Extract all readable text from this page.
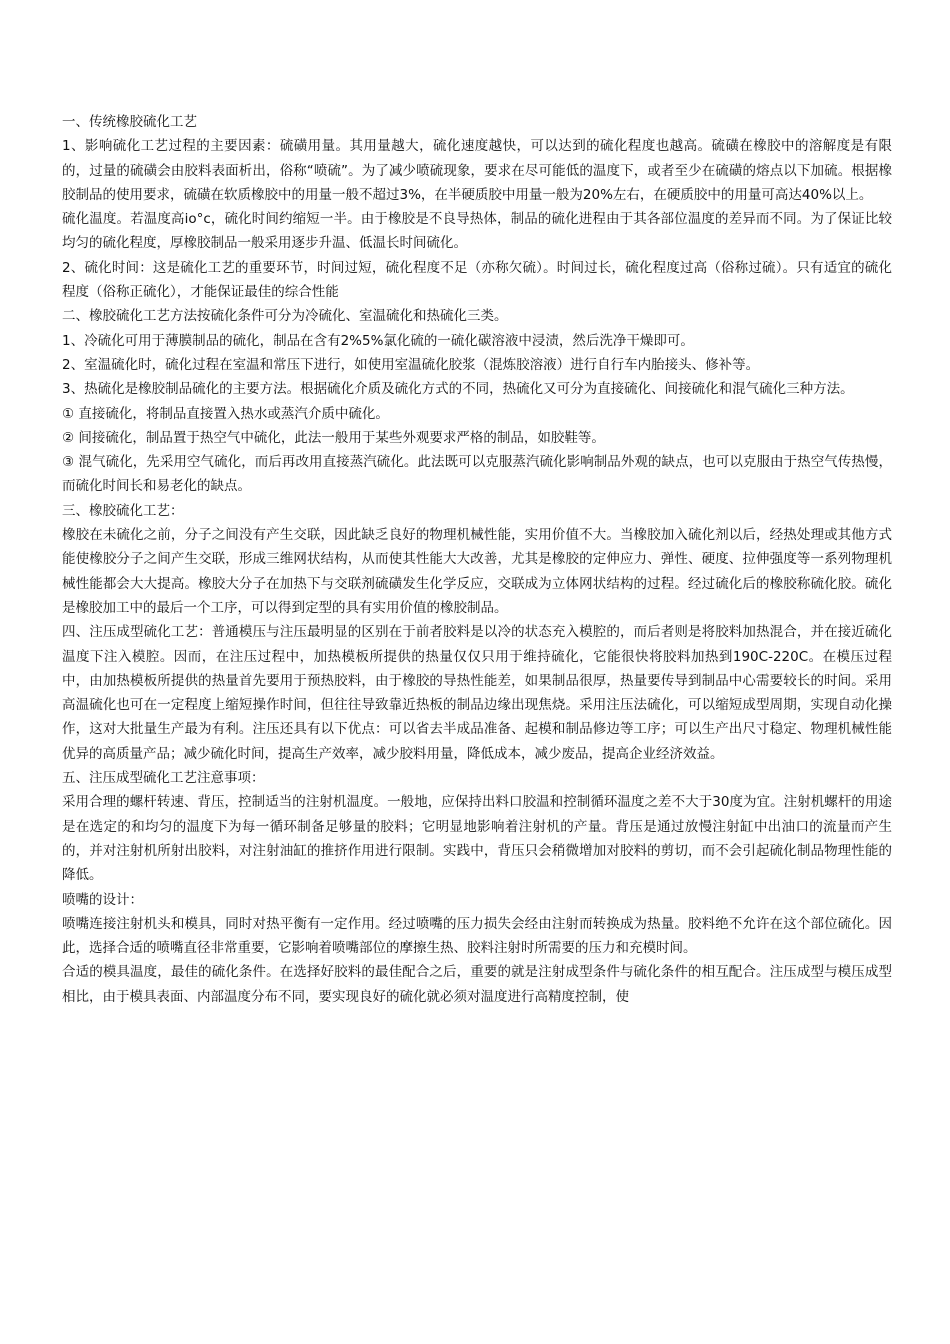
一、传统橡胶硫化工艺

1、影响硫化工艺过程的主要因素：硫磺用量。其用量越大，硫化速度越快，可以达到的硫化程度也越高。硫磺在橡胶中的溶解度是有限的，过量的硫磺会由胶料表面析出，俗称“喷硫”。为了减少喷硫现象，要求在尽可能低的温度下，或者至少在硫磺的熔点以下加硫。根据橡胶制品的使用要求，硫磺在软质橡胶中的用量一般不超过3%，在半硬质胶中用量一般为20%左右，在硬质胶中的用量可高达40%以上。

硫化温度。若温度高io°c，硫化时间约缩短一半。由于橡胶是不良导热体，制品的硫化进程由于其各部位温度的差异而不同。为了保证比较均匀的硫化程度，厚橡胶制品一般采用逐步升温、低温长时间硫化。

2、硫化时间：这是硫化工艺的重要环节，时间过短，硫化程度不足（亦称欠硫）。时间过长，硫化程度过高（俗称过硫）。只有适宜的硫化程度（俗称正硫化），才能保证最佳的综合性能

二、橡胶硫化工艺方法按硫化条件可分为冷硫化、室温硫化和热硫化三类。

1、冷硫化可用于薄膜制品的硫化，制品在含有2%5%氯化硫的一硫化碳溶液中浸渍，然后洗净干燥即可。

2、室温硫化时，硫化过程在室温和常压下进行，如使用室温硫化胶浆（混炼胶溶液）进行自行车内胎接头、修补等。

3、热硫化是橡胶制品硫化的主要方法。根据硫化介质及硫化方式的不同，热硫化又可分为直接硫化、间接硫化和混气硫化三种方法。

① 直接硫化，将制品直接置入热水或蒸汽介质中硫化。

② 间接硫化，制品置于热空气中硫化，此法一般用于某些外观要求严格的制品，如胶鞋等。

③ 混气硫化，先采用空气硫化，而后再改用直接蒸汽硫化。此法既可以克服蒸汽硫化影响制品外观的缺点，也可以克服由于热空气传热慢，而硫化时间长和易老化的缺点。

三、橡胶硫化工艺：

橡胶在未硫化之前，分子之间没有产生交联，因此缺乏良好的物理机械性能，实用价值不大。当橡胶加入硫化剂以后，经热处理或其他方式能使橡胶分子之间产生交联，形成三维网状结构，从而使其性能大大改善，尤其是橡胶的定伸应力、弹性、硬度、拉伸强度等一系列物理机械性能都会大大提高。橡胶大分子在加热下与交联剂硫磺发生化学反应，交联成为立体网状结构的过程。经过硫化后的橡胶称硫化胶。硫化是橡胶加工中的最后一个工序，可以得到定型的具有实用价值的橡胶制品。

四、注压成型硫化工艺：普通模压与注压最明显的区别在于前者胶料是以冷的状态充入模腔的，而后者则是将胶料加热混合，并在接近硫化温度下注入模腔。因而，在注压过程中，加热模板所提供的热量仅仅只用于维持硫化，它能很快将胶料加热到190C-220C。在模压过程中，由加热模板所提供的热量首先要用于预热胶料，由于橡胶的导热性能差，如果制品很厚，热量要传导到制品中心需要较长的时间。采用高温硫化也可在一定程度上缩短操作时间，但往往导致靠近热板的制品边缘出现焦烧。采用注压法硫化，可以缩短成型周期，实现自动化操作，这对大批量生产最为有利。注压还具有以下优点：可以省去半成品准备、起模和制品修边等工序；可以生产出尺寸稳定、物理机械性能优异的高质量产品；减少硫化时间，提高生产效率，减少胶料用量，降低成本，减少废品，提高企业经济效益。

五、注压成型硫化工艺注意事项：

采用合理的螺杆转速、背压，控制适当的注射机温度。一般地，应保持出料口胶温和控制循环温度之差不大于30度为宜。注射机螺杆的用途是在选定的和均匀的温度下为每一循环制备足够量的胶料；它明显地影响着注射机的产量。背压是通过放慢注射缸中出油口的流量而产生的，并对注射机所射出胶料，对注射油缸的推挤作用进行限制。实践中，背压只会稍微增加对胶料的剪切，而不会引起硫化制品物理性能的降低。

喷嘴的设计：

喷嘴连接注射机头和模具，同时对热平衡有一定作用。经过喷嘴的压力损失会经由注射而转换成为热量。胶料绝不允许在这个部位硫化。因此，选择合适的喷嘴直径非常重要，它影响着喷嘴部位的摩擦生热、胶料注射时所需要的压力和充模时间。

合适的模具温度，最佳的硫化条件。在选择好胶料的最佳配合之后，重要的就是注射成型条件与硫化条件的相互配合。注压成型与模压成型相比，由于模具表面、内部温度分布不同，要实现良好的硫化就必须对温度进行高精度控制，使
